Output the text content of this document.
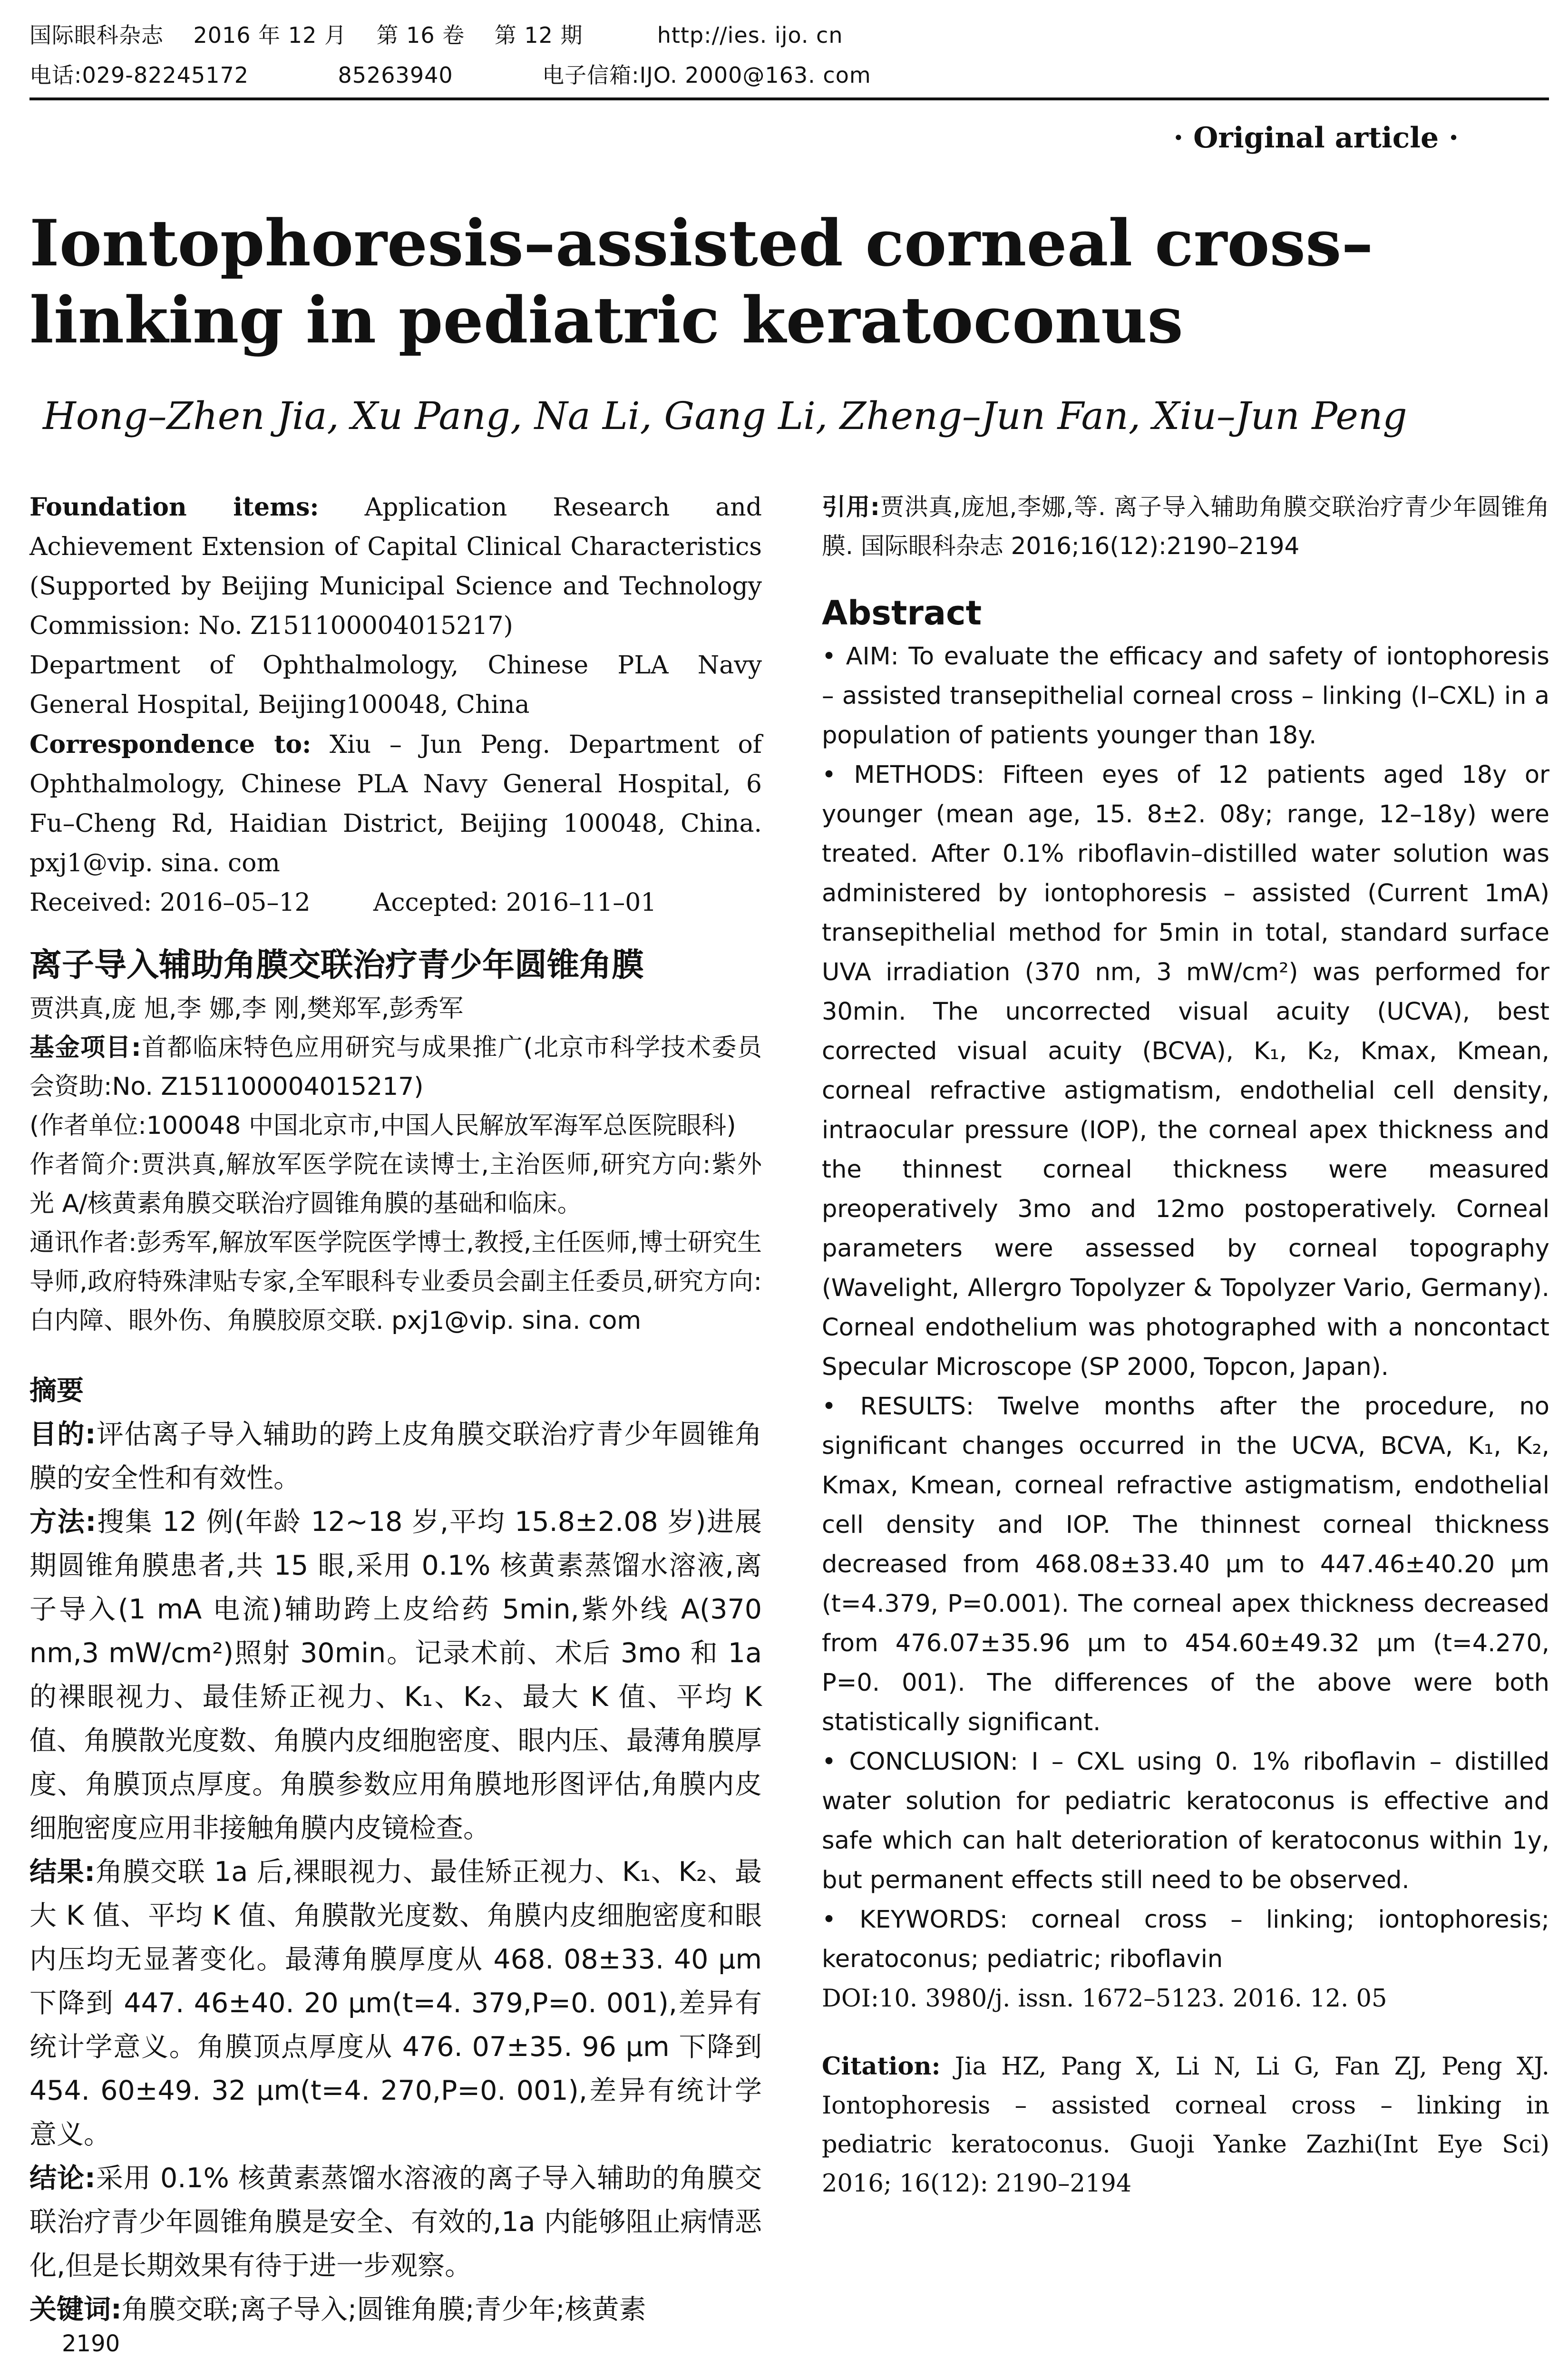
国际眼科杂志    2016 年 12 月    第 16 卷    第 12 期          http://ies. ijo. cn
电话:029-82245172            85263940            电子信箱:IJO. 2000@163. com
· Original article ·
Iontophoresis–assisted corneal cross–linking in pediatric keratoconus
Hong–Zhen Jia, Xu Pang, Na Li, Gang Li, Zheng–Jun Fan, Xiu–Jun Peng
Foundation items: Application Research and Achievement Extension of Capital Clinical Characteristics (Supported by Beijing Municipal Science and Technology Commission: No. Z151100004015217)
Department of Ophthalmology, Chinese PLA Navy General Hospital, Beijing100048, China
Correspondence to: Xiu – Jun Peng. Department of Ophthalmology, Chinese PLA Navy General Hospital, 6 Fu–Cheng Rd, Haidian District, Beijing 100048, China. pxj1@vip. sina. com
Received: 2016–05–12        Accepted: 2016–11–01
离子导入辅助角膜交联治疗青少年圆锥角膜
贾洪真,庞 旭,李 娜,李 刚,樊郑军,彭秀军
基金项目:首都临床特色应用研究与成果推广(北京市科学技术委员会资助:No. Z151100004015217)
(作者单位:100048 中国北京市,中国人民解放军海军总医院眼科)
作者简介:贾洪真,解放军医学院在读博士,主治医师,研究方向:紫外光 A/核黄素角膜交联治疗圆锥角膜的基础和临床。
通讯作者:彭秀军,解放军医学院医学博士,教授,主任医师,博士研究生导师,政府特殊津贴专家,全军眼科专业委员会副主任委员,研究方向:白内障、眼外伤、角膜胶原交联. pxj1@vip. sina. com
摘要
目的:评估离子导入辅助的跨上皮角膜交联治疗青少年圆锥角膜的安全性和有效性。
方法:搜集 12 例(年龄 12~18 岁,平均 15.8±2.08 岁)进展期圆锥角膜患者,共 15 眼,采用 0.1% 核黄素蒸馏水溶液,离子导入(1 mA 电流)辅助跨上皮给药 5min,紫外线 A(370 nm,3 mW/cm²)照射 30min。记录术前、术后 3mo 和 1a 的裸眼视力、最佳矫正视力、K₁、K₂、最大 K 值、平均 K 值、角膜散光度数、角膜内皮细胞密度、眼内压、最薄角膜厚度、角膜顶点厚度。角膜参数应用角膜地形图评估,角膜内皮细胞密度应用非接触角膜内皮镜检查。
结果:角膜交联 1a 后,裸眼视力、最佳矫正视力、K₁、K₂、最大 K 值、平均 K 值、角膜散光度数、角膜内皮细胞密度和眼内压均无显著变化。最薄角膜厚度从 468. 08±33. 40 μm 下降到 447. 46±40. 20 μm(t=4. 379,P=0. 001),差异有统计学意义。角膜顶点厚度从 476. 07±35. 96 μm 下降到 454. 60±49. 32 μm(t=4. 270,P=0. 001),差异有统计学意义。
结论:采用 0.1% 核黄素蒸馏水溶液的离子导入辅助的角膜交联治疗青少年圆锥角膜是安全、有效的,1a 内能够阻止病情恶化,但是长期效果有待于进一步观察。
关键词:角膜交联;离子导入;圆锥角膜;青少年;核黄素
引用:贾洪真,庞旭,李娜,等. 离子导入辅助角膜交联治疗青少年圆锥角膜. 国际眼科杂志 2016;16(12):2190–2194
Abstract

• AIM: To evaluate the efficacy and safety of iontophoresis – assisted transepithelial corneal cross – linking (I–CXL) in a population of patients younger than 18y.

• METHODS: Fifteen eyes of 12 patients aged 18y or younger (mean age, 15. 8±2. 08y; range, 12–18y) were treated. After 0.1% riboflavin–distilled water solution was administered by iontophoresis – assisted (Current 1mA) transepithelial method for 5min in total, standard surface UVA irradiation (370 nm, 3 mW/cm²) was performed for 30min. The uncorrected visual acuity (UCVA), best corrected visual acuity (BCVA), K₁, K₂, Kmax, Kmean, corneal refractive astigmatism, endothelial cell density, intraocular pressure (IOP), the corneal apex thickness and the thinnest corneal thickness were measured preoperatively 3mo and 12mo postoperatively. Corneal parameters were assessed by corneal topography (Wavelight, Allergro Topolyzer & Topolyzer Vario, Germany). Corneal endothelium was photographed with a noncontact Specular Microscope (SP 2000, Topcon, Japan).

• RESULTS: Twelve months after the procedure, no significant changes occurred in the UCVA, BCVA, K₁, K₂, Kmax, Kmean, corneal refractive astigmatism, endothelial cell density and IOP. The thinnest corneal thickness decreased from 468.08±33.40 μm to 447.46±40.20 μm (t=4.379, P=0.001). The corneal apex thickness decreased from 476.07±35.96 μm to 454.60±49.32 μm (t=4.270, P=0. 001). The differences of the above were both statistically significant.

• CONCLUSION: I – CXL using 0. 1% riboflavin – distilled water solution for pediatric keratoconus is effective and safe which can halt deterioration of keratoconus within 1y, but permanent effects still need to be observed.

• KEYWORDS: corneal cross – linking; iontophoresis; keratoconus; pediatric; riboflavin

DOI:10. 3980/j. issn. 1672–5123. 2016. 12. 05

Citation: Jia HZ, Pang X, Li N, Li G, Fan ZJ, Peng XJ. Iontophoresis – assisted corneal cross – linking in pediatric keratoconus. Guoji Yanke Zazhi(Int Eye Sci) 2016; 16(12): 2190–2194
2190
